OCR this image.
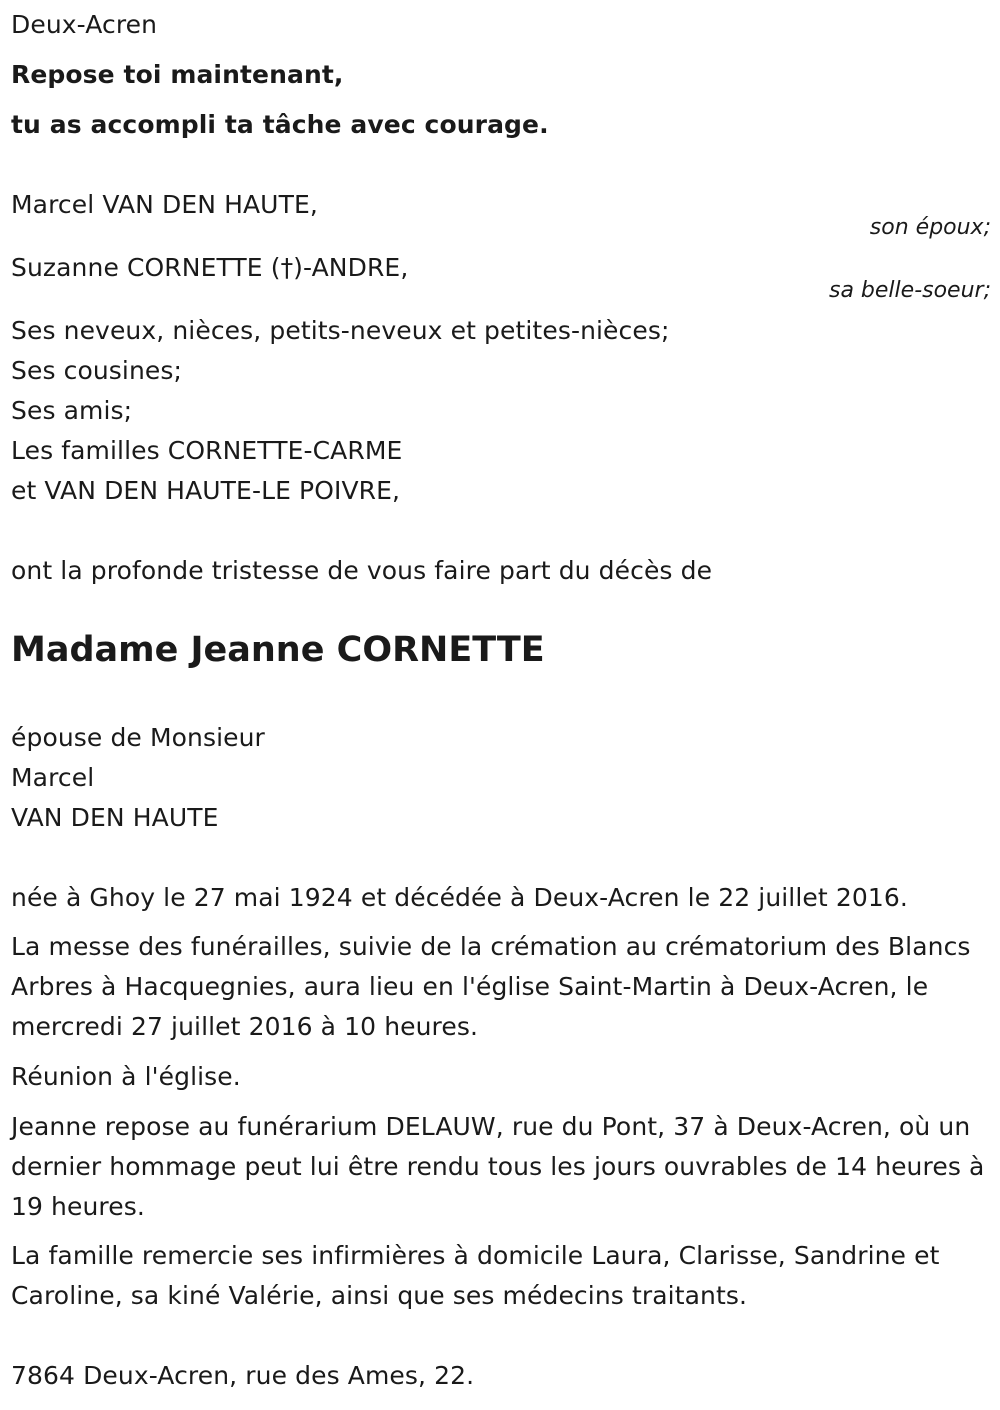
Deux-Acren
Repose toi maintenant,
tu as accompli ta tâche avec courage.
Marcel VAN DEN HAUTE,
son époux;
Suzanne CORNETTE (†)-ANDRE,
sa belle-soeur;
Ses neveux, nièces, petits-neveux et petites-nièces;
Ses cousines;
Ses amis;
Les familles CORNETTE-CARME
et VAN DEN HAUTE-LE POIVRE,
ont la profonde tristesse de vous faire part du décès de
Madame Jeanne CORNETTE
épouse de Monsieur
Marcel
VAN DEN HAUTE
née à Ghoy le 27 mai 1924 et décédée à Deux-Acren le 22 juillet 2016.
La messe des funérailles, suivie de la crémation au crématorium des Blancs Arbres à Hacquegnies, aura lieu en l'église Saint-Martin à Deux-Acren, le mercredi 27 juillet 2016 à 10 heures.
Réunion à l'église.
Jeanne repose au funérarium DELAUW, rue du Pont, 37 à Deux-Acren, où un dernier hommage peut lui être rendu tous les jours ouvrables de 14 heures à 19 heures.
La famille remercie ses infirmières à domicile Laura, Clarisse, Sandrine et Caroline, sa kiné Valérie, ainsi que ses médecins traitants.
7864 Deux-Acren, rue des Ames, 22.
